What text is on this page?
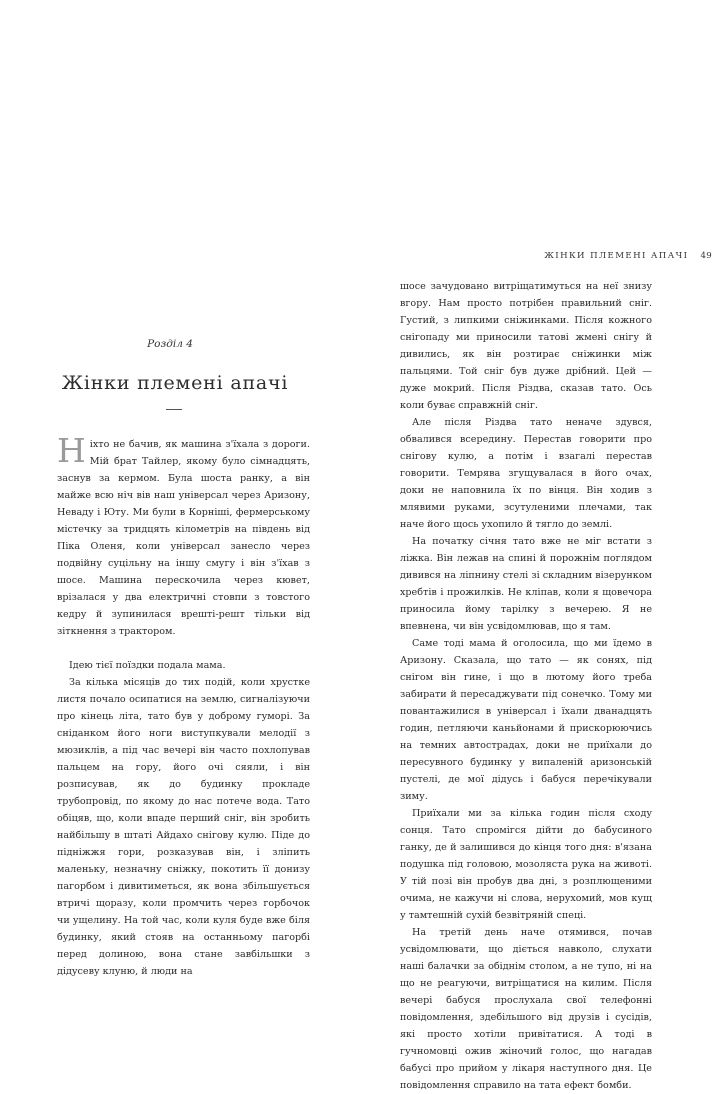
Розділ 4

Жінки племені апачі

Ніхто не бачив, як машина з'їхала з дороги. Мій брат Тайлер, якому було сімнадцять, заснув за кермом. Була шоста ранку, а він майже всю ніч вів наш універсал через Аризону, Неваду і Юту. Ми були в Корніші, фермерському містечку за тридцять кілометрів на південь від Піка Оленя, коли універсал занесло через подвійну суцільну на іншу смугу і він з'їхав з шосе. Машина перескочила через кювет, врізалася у два електричні стовпи з товстого кедру й зупинилася врешті-решт тільки від зіткнення з трактором.

Ідею тієї поїздки подала мама.

За кілька місяців до тих подій, коли хрустке листя почало осипатися на землю, сигналізуючи про кінець літа, тато був у доброму гуморі. За сніданком його ноги виступкували мелодії з мюзиклів, а під час вечері він часто похлопував пальцем на гору, його очі сяяли, і він розписував, як до будинку прокладе трубопровід, по якому до нас потече вода. Тато обіцяв, що, коли впаде перший сніг, він зробить найбільшу в штаті Айдахо снігову кулю. Піде до підніжжя гори, розказував він, і зліпить маленьку, незначну сніжку, покотить її донизу пагорбом і дивитиметься, як вона збільшується втричі щоразу, коли промчить через горбочок чи ущелину. На той час, коли куля буде вже біля будинку, який стояв на останньому пагорбі перед долиною, вона стане завбільшки з дідусеву клуню, й люди на

ЖІНКИ ПЛЕМЕНІ АПАЧІ 49

шосе зачудовано витріщатимуться на неї знизу вгору. Нам просто потрібен правильний сніг. Густий, з липкими сніжинками. Після кожного снігопаду ми приносили татові жмені снігу й дивились, як він розтирає сніжинки між пальцями. Той сніг був дуже дрібний. Цей — дуже мокрий. Після Різдва, сказав тато. Ось коли буває справжній сніг.

Але після Різдва тато неначе здувся, обвалився всередину. Перестав говорити про снігову кулю, а потім і взагалі перестав говорити. Темрява згущувалася в його очах, доки не наповнила їх по вінця. Він ходив з млявими руками, зсутуленими плечами, так наче його щось ухопило й тягло до землі.

На початку січня тато вже не міг встати з ліжка. Він лежав на спині й порожнім поглядом дивився на ліпнину стелі зі складним візерунком хребтів і прожилків. Не кліпав, коли я щовечора приносила йому тарілку з вечерею. Я не впевнена, чи він усвідомлював, що я там.

Саме тоді мама й оголосила, що ми їдемо в Аризону. Сказала, що тато — як сонях, під снігом він гине, і що в лютому його треба забирати й пересаджувати під сонечко. Тому ми повантажилися в універсал і їхали дванадцять годин, петляючи каньйонами й прискорюючись на темних автострадах, доки не приїхали до пересувного будинку у випаленій аризонській пустелі, де мої дідусь і бабуся перечікували зиму.

Приїхали ми за кілька годин після сходу сонця. Тато спромігся дійти до бабусиного ганку, де й залишився до кінця того дня: в'язана подушка під головою, мозоляста рука на животі. У тій позі він пробув два дні, з розплющеними очима, не кажучи ні слова, нерухомий, мов кущ у тамтешній сухій безвітряній спеці.

На третій день наче отямився, почав усвідомлювати, що діється навколо, слухати наші балачки за обіднім столом, а не тупо, ні на що не реагуючи, витріщатися на килим. Після вечері бабуся прослухала свої телефонні повідомлення, здебільшого від друзів і сусідів, які просто хотіли привітатися. А тоді в гучномовці ожив жіночий голос, що нагадав бабусі про прийом у лікаря наступного дня. Це повідомлення справило на тата ефект бомби.
